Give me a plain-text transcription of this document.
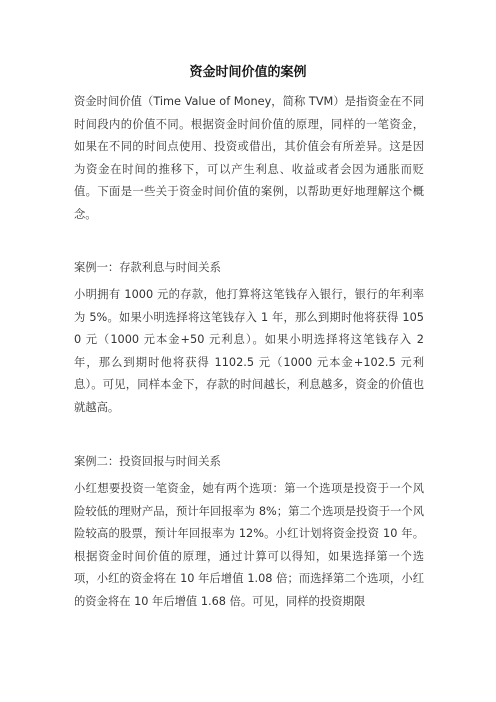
资金时间价值的案例

资金时间价值（Time Value of Money，简称 TVM）是指资金在不同时间段内的价值不同。根据资金时间价值的原理，同样的一笔资金，如果在不同的时间点使用、投资或借出，其价值会有所差异。这是因为资金在时间的推移下，可以产生利息、收益或者会因为通胀而贬值。下面是一些关于资金时间价值的案例，以帮助更好地理解这个概念。

案例一：存款利息与时间关系

小明拥有 1000 元的存款，他打算将这笔钱存入银行，银行的年利率为 5%。如果小明选择将这笔钱存入 1 年，那么到期时他将获得 1050 元（1000 元本金+50 元利息）。如果小明选择将这笔钱存入 2 年，那么到期时他将获得 1102.5 元（1000 元本金+102.5 元利息）。可见，同样本金下，存款的时间越长，利息越多，资金的价值也就越高。

案例二：投资回报与时间关系

小红想要投资一笔资金，她有两个选项：第一个选项是投资于一个风险较低的理财产品，预计年回报率为 8%；第二个选项是投资于一个风险较高的股票，预计年回报率为 12%。小红计划将资金投资 10 年。根据资金时间价值的原理，通过计算可以得知，如果选择第一个选项，小红的资金将在 10 年后增值 1.08 倍；而选择第二个选项，小红的资金将在 10 年后增值 1.68 倍。可见，同样的投资期限
